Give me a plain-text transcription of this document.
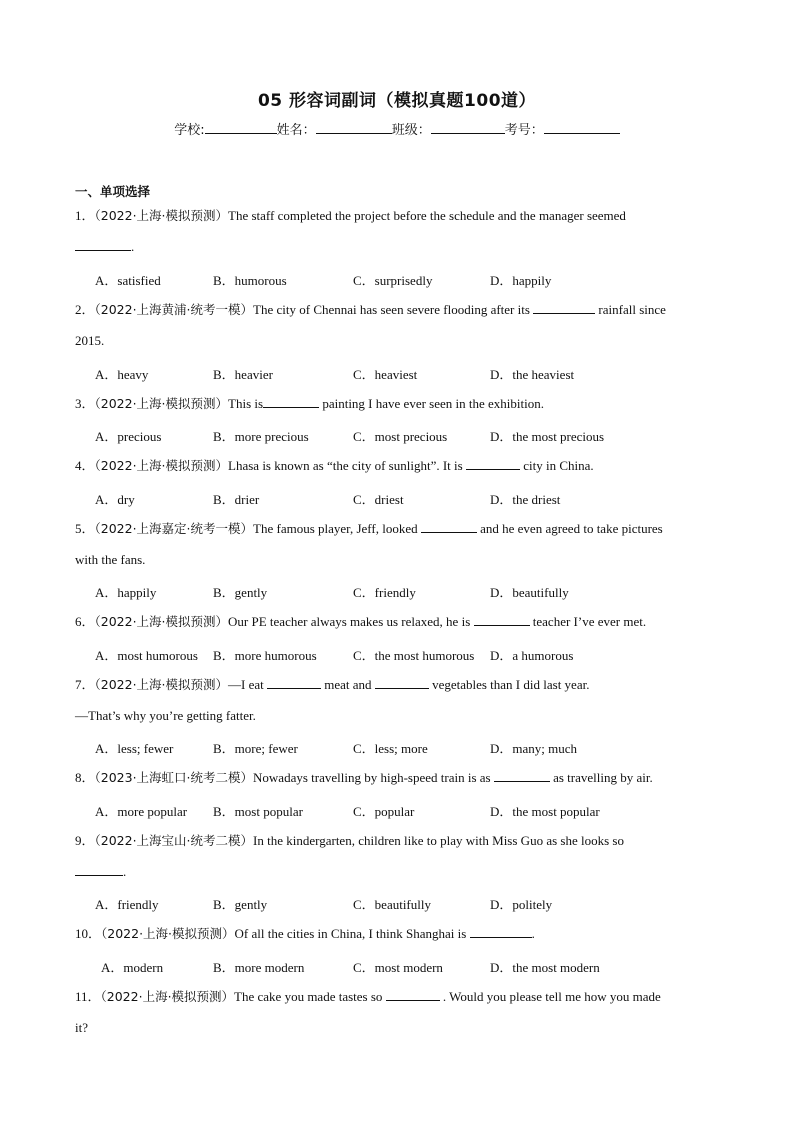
05 形容词副词（模拟真题100道）
学校:	姓名：	班级：	考号：
一、单项选择
1．（2022·上海·模拟预测）The staff completed the project before the schedule and the manager seemed
.
A．satisfied	B．humorous	C．surprisedly	D．happily
2．（2022·上海黄浦·统考一模）The city of Chennai has seen severe flooding after its	rainfall since
2015.
A．heavy	B．heavier	C．heaviest	D．the heaviest
3．（2022·上海·模拟预测）This is	painting I have ever seen in the exhibition.
A．precious	B．more precious	C．most precious	D．the most precious
4．（2022·上海·模拟预测）Lhasa is known as “the city of sunlight”. It is	city in China.
A．dry	B．drier	C．driest	D．the driest
5．（2022·上海嘉定·统考一模）The famous player, Jeff, looked	and he even agreed to take pictures
with the fans.
A．happily	B．gently	C．friendly	D．beautifully
6．（2022·上海·模拟预测）Our PE teacher always makes us relaxed, he is	teacher I’ve ever met.
A．most humorous B．more humorous	C．the most humorous D．a humorous
7．（2022·上海·模拟预测）—I eat	meat and	vegetables than I did last year.
—That’s why you’re getting fatter.
A．less; fewer	B．more; fewer	C．less; more	D．many; much
8．（2023·上海虹口·统考二模）Nowadays travelling by high-speed train is as	as travelling by air.
A．more popular B．most popular	C．popular	D．the most popular
9．（2022·上海宝山·统考二模）In the kindergarten, children like to play with Miss Guo as she looks so
.
A．friendly	B．gently	C．beautifully	D．politely
10．（2022·上海·模拟预测）Of all the cities in China, I think Shanghai is	.
A．modern	B．more modern	C．most modern	D．the most modern
11．（2022·上海·模拟预测）The cake you made tastes so	. Would you please tell me how you made
it?
